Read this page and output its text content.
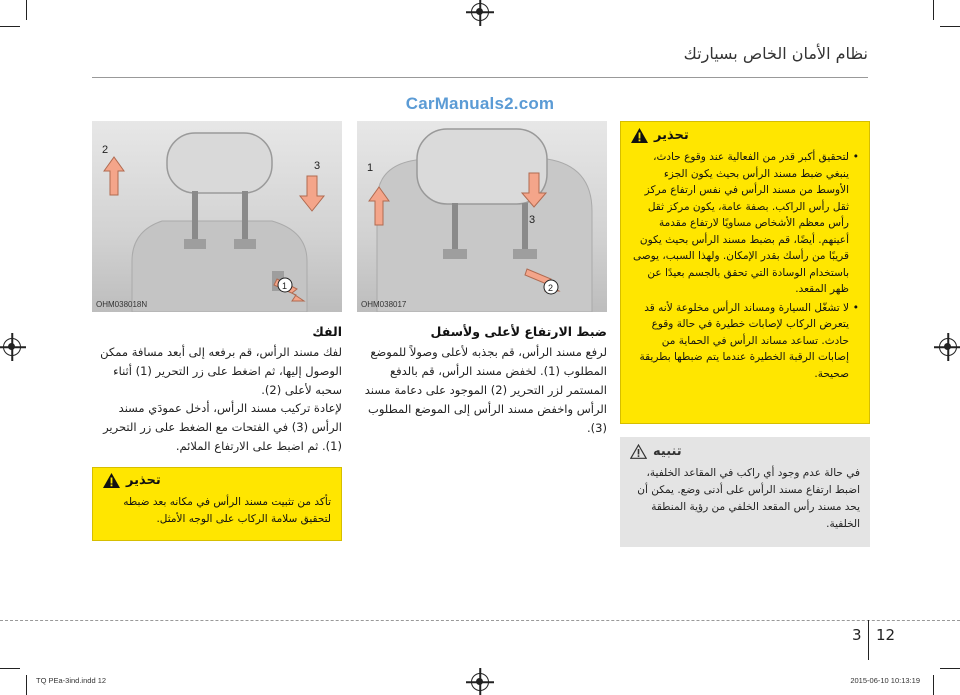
نظام الأمان الخاص بسيارتك
CarManuals2.com
2
3
1
OHM038018N
الفك
لفك مسند الرأس، قم برفعه إلى أبعد مسافة ممكن الوصول إليها، ثم اضغط على زر التحرير (1) أثناء سحبه لأعلى (2).
لإعادة تركيب مسند الرأس، أدخل عمودَي مسند الرأس (3) في الفتحات مع الضغط على زر التحرير (1). ثم اضبط على الارتفاع الملائم.
تحذير
تأكد من تثبيت مسند الرأس في مكانه بعد ضبطه لتحقيق سلامة الركاب على الوجه الأمثل.
1
3
2
OHM038017
ضبط الارتفاع لأعلى ولأسفل
لرفع مسند الرأس، قم بجذبه لأعلى وصولاً للموضع المطلوب (1). لخفض مسند الرأس، قم بالدفع المستمر لزر التحرير (2) الموجود على دعامة مسند الرأس واخفض مسند الرأس إلى الموضع المطلوب (3).
تحذير
•
لتحقيق أكبر قدر من الفعالية عند وقوع حادث، ينبغي ضبط مسند الرأس بحيث يكون الجزء الأوسط من مسند الرأس في نفس ارتفاع مركز ثقل رأس الراكب. بصفة عامة، يكون مركز ثقل رأس معظم الأشخاص مساويًا لارتفاع مقدمة أعينهم. أيضًا، قم بضبط مسند الرأس بحيث يكون قريبًا من رأسك بقدر الإمكان. ولهذا السبب، يوصى باستخدام الوسادة التي تحقق بالجسم بعيدًا عن ظهر المقعد.
•
لا تشغّل السيارة ومساند الرأس مخلوعة لأنه قد يتعرض الركاب لإصابات خطيرة في حالة وقوع حادث. تساعد مساند الرأس في الحماية من إصابات الرقبة الخطيرة عندما يتم ضبطها بطريقة صحيحة.
تنبيه
في حالة عدم وجود أي راكب في المقاعد الخلفية، اضبط ارتفاع مسند الرأس على أدنى وضع. يمكن أن يحد مسند رأس المقعد الخلفي من رؤية المنطقة الخلفية.
3 12
TQ PEa-3ind.indd 12	2015-06-10 10:13:19
